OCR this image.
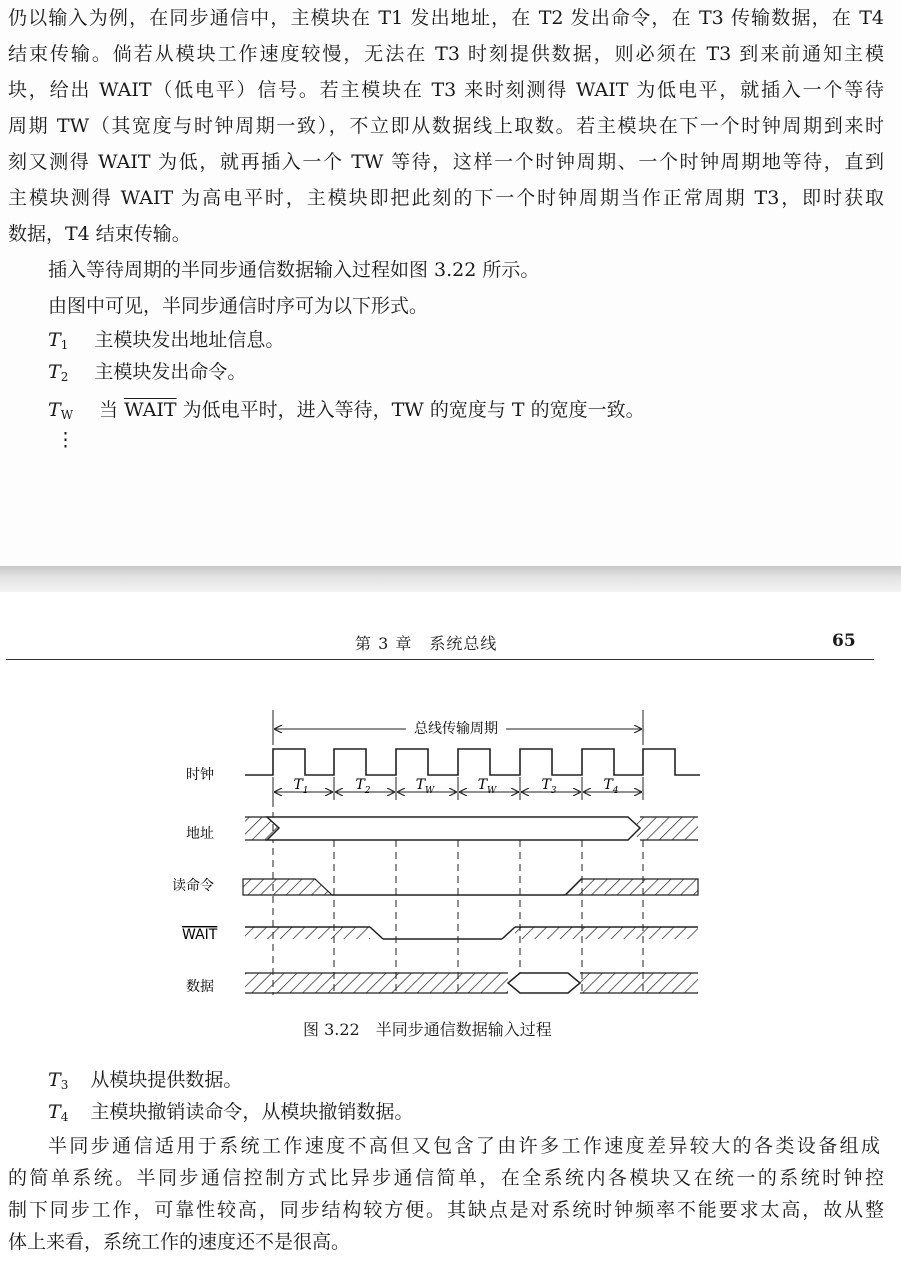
仍以输入为例，在同步通信中，主模块在 T1 发出地址，在 T2 发出命令，在 T3 传输数据，在 T4
结束传输。倘若从模块工作速度较慢，无法在 T3 时刻提供数据，则必须在 T3 到来前通知主模
块，给出 WAIT（低电平）信号。若主模块在 T3 来时刻测得 WAIT 为低电平，就插入一个等待
周期 TW（其宽度与时钟周期一致），不立即从数据线上取数。若主模块在下一个时钟周期到来时
刻又测得 WAIT 为低，就再插入一个 TW 等待，这样一个时钟周期、一个时钟周期地等待，直到
主模块测得 WAIT 为高电平时，主模块即把此刻的下一个时钟周期当作正常周期 T3，即时获取
数据，T4 结束传输。
插入等待周期的半同步通信数据输入过程如图 3.22 所示。
由图中可见，半同步通信时序可为以下形式。
$T_1$ 主模块发出地址信息。
$T_2$ 主模块发出命令。
$T_W$ 当 WAIT 为低电平时，进入等待，TW 的宽度与 T 的宽度一致。
⋮
第 3 章　系统总线	65
时钟
地址
读命令
WAIT
数据
总线传输周期
$T_1$	$T_2$	$T_W$	$T_W$	$T_3$	$T_4$
图 3.22　半同步通信数据输入过程
$T_3$ 从模块提供数据。
$T_4$ 主模块撤销读命令，从模块撤销数据。
半同步通信适用于系统工作速度不高但又包含了由许多工作速度差异较大的各类设备组成
的简单系统。半同步通信控制方式比异步通信简单，在全系统内各模块又在统一的系统时钟控
制下同步工作，可靠性较高，同步结构较方便。其缺点是对系统时钟频率不能要求太高，故从整
体上来看，系统工作的速度还不是很高。
